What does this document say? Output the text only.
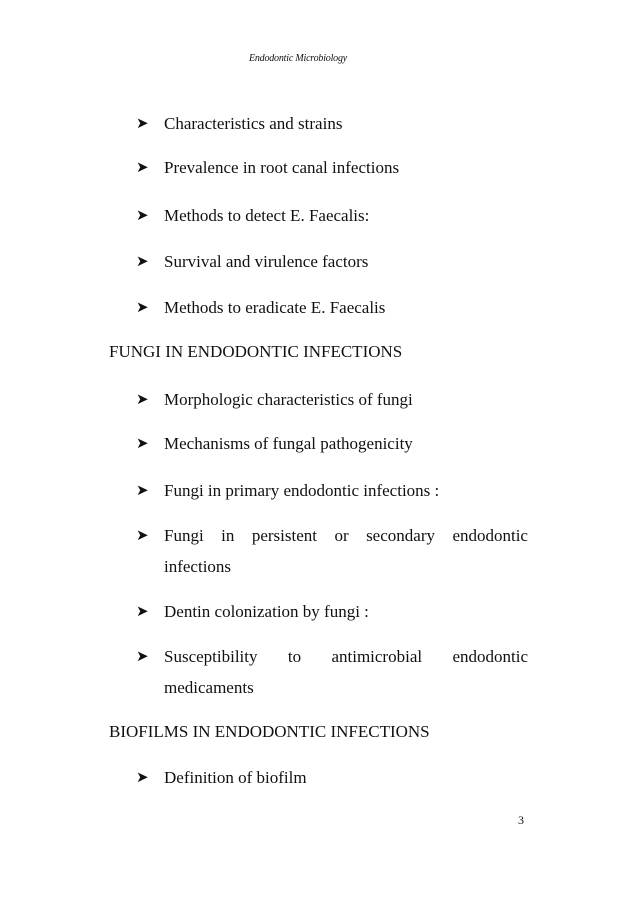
Endodontic Microbiology
➤ Characteristics and strains
➤ Prevalence in root canal infections
➤ Methods to detect E. Faecalis:
➤ Survival and virulence factors
➤ Methods to eradicate E. Faecalis
FUNGI IN ENDODONTIC INFECTIONS
➤ Morphologic characteristics of fungi
➤ Mechanisms of fungal pathogenicity
➤ Fungi in primary endodontic infections :
➤ Fungi in persistent or secondary endodontic
infections
➤ Dentin colonization by fungi :
➤ Susceptibility to antimicrobial endodontic
medicaments
BIOFILMS IN ENDODONTIC INFECTIONS
➤ Definition of biofilm
3
